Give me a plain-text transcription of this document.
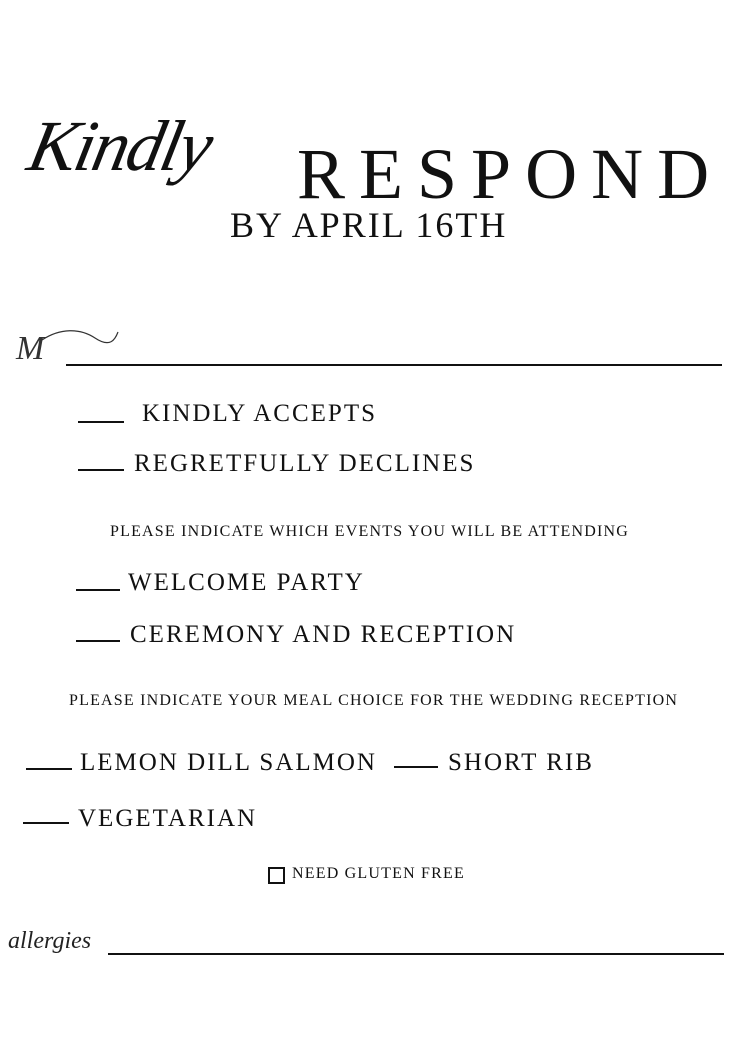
Kindly RESPOND
BY APRIL 16TH
M
KINDLY ACCEPTS
REGRETFULLY DECLINES
PLEASE INDICATE WHICH EVENTS YOU WILL BE ATTENDING
WELCOME PARTY
CEREMONY AND RECEPTION
PLEASE INDICATE YOUR MEAL CHOICE FOR THE WEDDING RECEPTION
LEMON DILL SALMON	SHORT RIB
VEGETARIAN
NEED GLUTEN FREE
allergies
